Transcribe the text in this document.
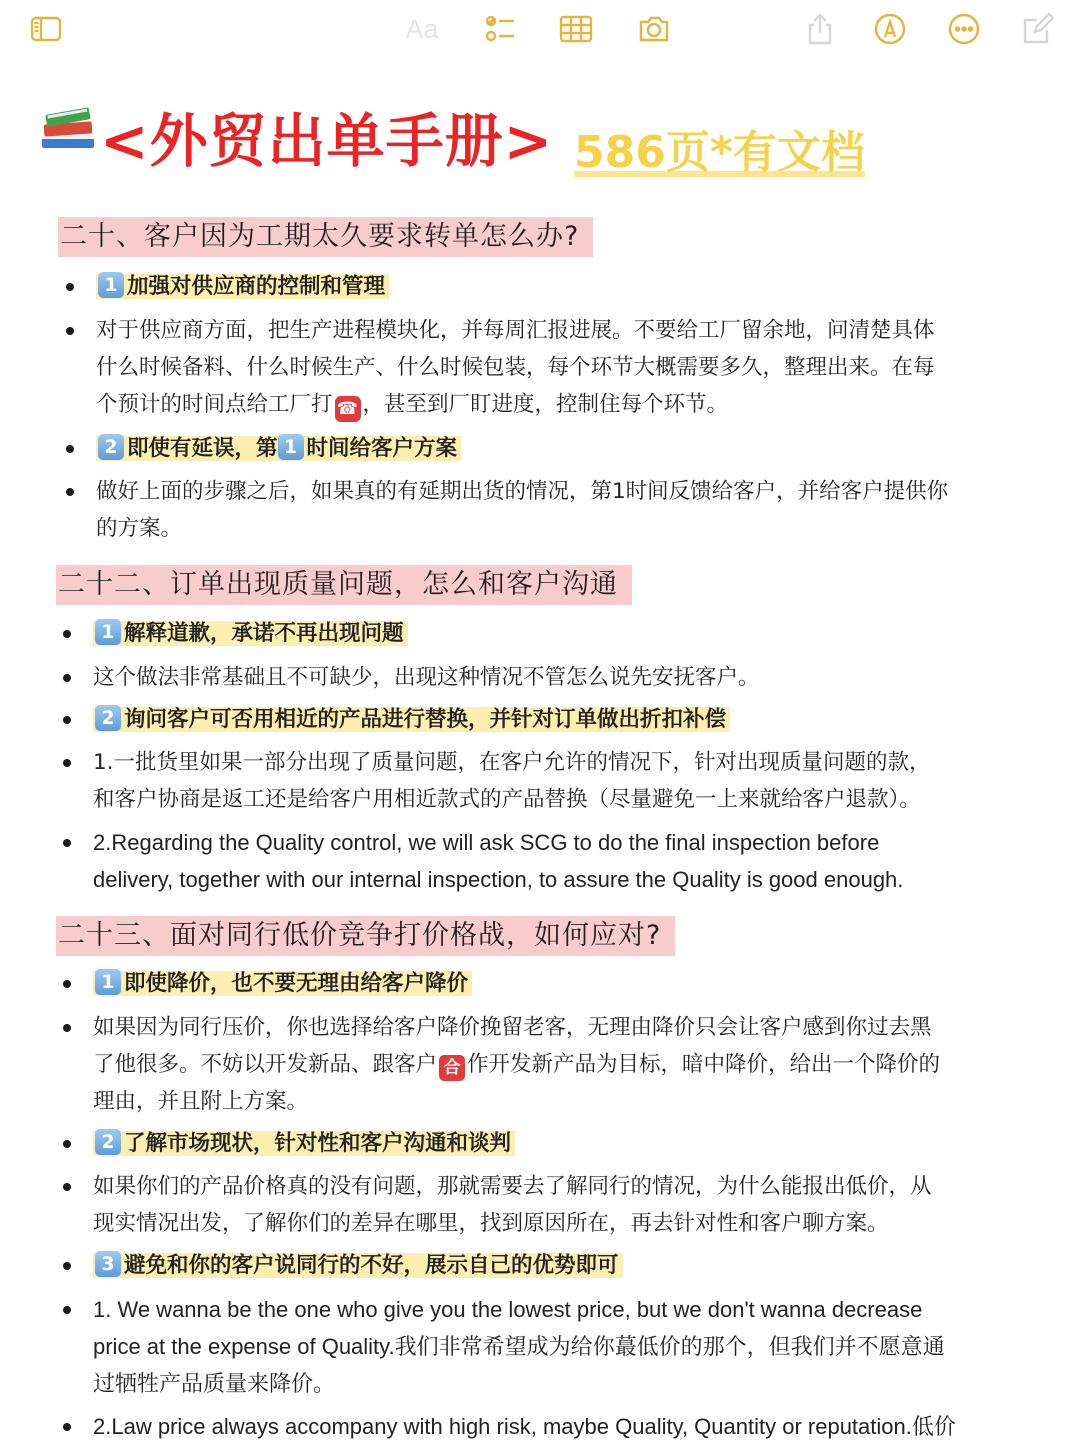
Aa
<外贸出单手册> 586页*有文档
二十、客户因为工期太久要求转单怎么办?
1 加强对供应商的控制和管理
对于供应商方面，把生产进程模块化，并每周汇报进展。不要给工厂留余地，问清楚具体
什么时候备料、什么时候生产、什么时候包装，每个环节大概需要多久，整理出来。在每
个预计的时间点给工厂打 ☎ ，甚至到厂盯进度，控制住每个环节。
2 即使有延误，第 1 时间给客户方案
做好上面的步骤之后，如果真的有延期出货的情况，第1时间反馈给客户，并给客户提供你
的方案。
二十二、订单出现质量问题，怎么和客户沟通
1 解释道歉，承诺不再出现问题
这个做法非常基础且不可缺少，出现这种情况不管怎么说先安抚客户。
2 询问客户可否用相近的产品进行替换，并针对订单做出折扣补偿
1.一批货里如果一部分出现了质量问题，在客户允许的情况下，针对出现质量问题的款，
和客户协商是返工还是给客户用相近款式的产品替换（尽量避免一上来就给客户退款）。
2.Regarding the Quality control, we will ask SCG to do the final inspection before
delivery, together with our internal inspection, to assure the Quality is good enough.
二十三、面对同行低价竞争打价格战，如何应对?
1 即使降价，也不要无理由给客户降价
如果因为同行压价，你也选择给客户降价挽留老客，无理由降价只会让客户感到你过去黑
了他很多。不妨以开发新品、跟客户 合 作开发新产品为目标，暗中降价，给出一个降价的
理由，并且附上方案。
2 了解市场现状，针对性和客户沟通和谈判
如果你们的产品价格真的没有问题，那就需要去了解同行的情况，为什么能报出低价，从
现实情况出发，了解你们的差异在哪里，找到原因所在，再去针对性和客户聊方案。
3 避免和你的客户说同行的不好，展示自己的优势即可
1. We wanna be the one who give you the lowest price, but we don't wanna decrease
price at the expense of Quality.我们非常希望成为给你蕞低价的那个，但我们并不愿意通
过牺牲产品质量来降价。
2.Law price always accompany with high risk, maybe Quality, Quantity or reputation.低价
